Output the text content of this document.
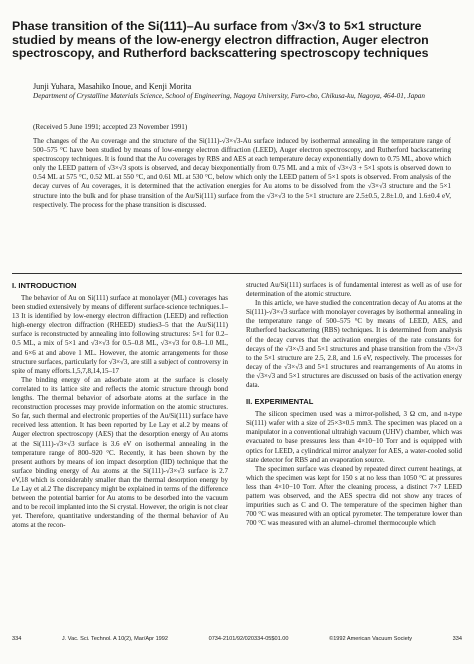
Phase transition of the Si(111)–Au surface from √3×√3 to 5×1 structure studied by means of the low-energy electron diffraction, Auger electron spectroscopy, and Rutherford backscattering spectroscopy techniques
Junji Yuhara, Masahiko Inoue, and Kenji Morita
Department of Crystalline Materials Science, School of Engineering, Nagoya University, Furo-cho, Chikusa-ku, Nagoya, 464-01, Japan
(Received 5 June 1991; accepted 23 November 1991)
The changes of the Au coverage and the structure of the Si(111)-√3×√3-Au surface induced by isothermal annealing in the temperature range of 500–575 °C have been studied by means of low-energy electron diffraction (LEED), Auger electron spectroscopy, and Rutherford backscattering spectroscopy techniques. It is found that the Au coverages by RBS and AES at each temperature decay exponentially down to 0.75 ML, above which only the LEED pattern of √3×√3 spots is observed, and decay biexponentially from 0.75 ML and a mix of √3×√3 + 5×1 spots is observed down to 0.54 ML at 575 °C, 0.52 ML at 550 °C, and 0.61 ML at 530 °C, below which only the LEED pattern of 5×1 spots is observed. From analysis of the decay curves of Au coverages, it is determined that the activation energies for Au atoms to be dissolved from the √3×√3 structure and the 5×1 structure into the bulk and for phase transition of the Au/Si(111) surface from the √3×√3 to the 5×1 structure are 2.5±0.5, 2.8±1.0, and 1.6±0.4 eV, respectively. The process for the phase transition is discussed.
I. INTRODUCTION

The behavior of Au on Si(111) surface at monolayer (ML) coverages has been studied extensively by means of different surface-science techniques.1–13 It is identified by low-energy electron diffraction (LEED) and reflection high-energy electron diffraction (RHEED) studies3–5 that the Au/Si(111) surface is reconstructed by annealing into following structures: 5×1 for 0.2–0.5 ML, a mix of 5×1 and √3×√3 for 0.5–0.8 ML, √3×√3 for 0.8–1.0 ML, and 6×6 at and above 1 ML. However, the atomic arrangements for those structure surfaces, particularly for √3×√3, are still a subject of controversy in spite of many efforts.1,5,7,8,14,15–17

The binding energy of an adsorbate atom at the surface is closely correlated to its lattice site and reflects the atomic structure through bond lengths. The thermal behavior of adsorbate atoms at the surface in the reconstruction processes may provide information on the atomic structures. So far, such thermal and electronic properties of the Au/Si(111) surface have received less attention. It has been reported by Le Lay et al.2 by means of Auger electron spectroscopy (AES) that the desorption energy of Au atoms at the Si(111)-√3×√3 surface is 3.6 eV on isothermal annealing in the temperature range of 800–920 °C. Recently, it has been shown by the present authors by means of ion impact desorption (IID) technique that the surface binding energy of Au atoms at the Si(111)-√3×√3 surface is 2.7 eV,18 which is considerably smaller than the thermal desorption energy by Le Lay et al.2 The discrepancy might be explained in terms of the difference between the potential barrier for Au atoms to be desorbed into the vacuum and to be recoil implanted into the Si crystal. However, the origin is not clear yet. Therefore, quantitative understanding of the thermal behavior of Au atoms at the recon-

structed Au/Si(111) surfaces is of fundamental interest as well as of use for determination of the atomic structure.

In this article, we have studied the concentration decay of Au atoms at the Si(111)-√3×√3 surface with monolayer coverages by isothermal annealing in the temperature range of 500–575 °C by means of LEED, AES, and Rutherford backscattering (RBS) techniques. It is determined from analysis of the decay curves that the activation energies of the rate constants for decays of the √3×√3 and 5×1 structures and phase transition from the √3×√3 to the 5×1 structure are 2.5, 2.8, and 1.6 eV, respectively. The processes for decay of the √3×√3 and 5×1 structures and rearrangements of Au atoms in the √3×√3 and 5×1 structures are discussed on basis of the activation energy data.

II. EXPERIMENTAL

The silicon specimen used was a mirror-polished, 3 Ω cm, and n-type Si(111) wafer with a size of 25×3×0.5 mm3. The specimen was placed on a manipulator in a conventional ultrahigh vacuum (UHV) chamber, which was evacuated to base pressures less than 4×10−10 Torr and is equipped with optics for LEED, a cylindrical mirror analyzer for AES, a water-cooled solid state detector for RBS and an evaporation source.

The specimen surface was cleaned by repeated direct current heatings, at which the specimen was kept for 150 s at no less than 1050 °C at pressures less than 4×10−10 Torr. After the cleaning process, a distinct 7×7 LEED pattern was observed, and the AES spectra did not show any traces of impurities such as C and O. The temperature of the specimen higher than 700 °C was measured with an optical pyrometer. The temperature lower than 700 °C was measured with an alumel–chromel thermocouple which

334	J. Vac. Sci. Technol. A 10(2), Mar/Apr 1992	0734-2101/92/020334-05$01.00	©1992 American Vacuum Society	334
